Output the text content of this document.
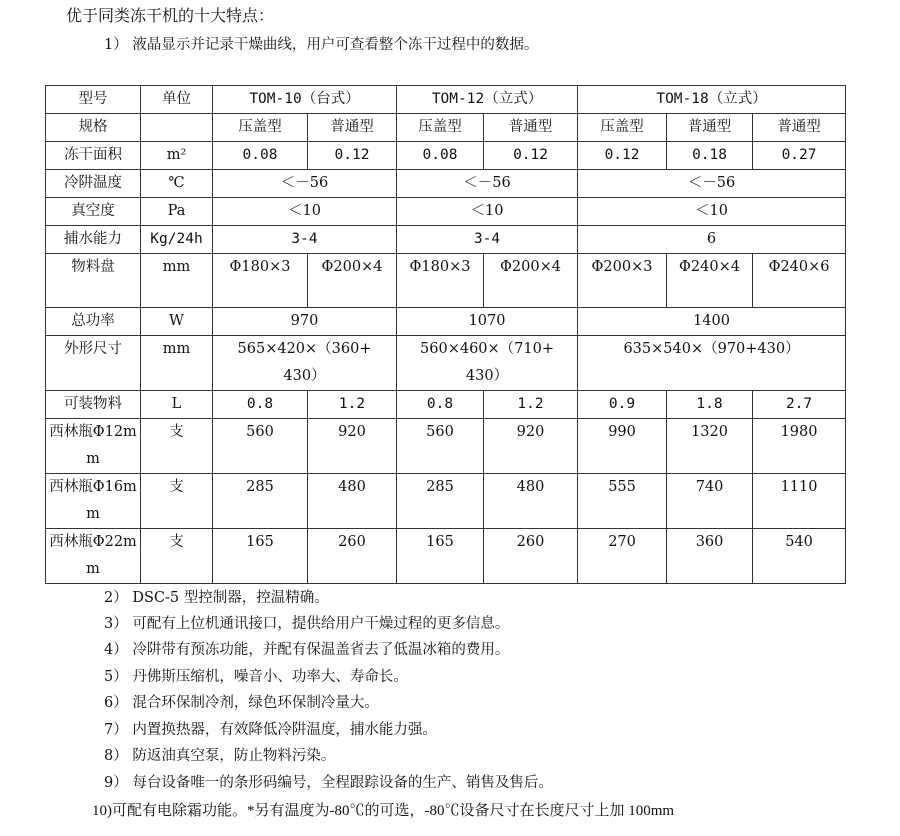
优于同类冻干机的十大特点：
1） 液晶显示并记录干燥曲线，用户可查看整个冻干过程中的数据。
型号	单位	TOM-10（台式）		TOM-12（立式）		TOM-18（立式）		
规格		压盖型	普通型	压盖型	普通型	压盖型	普通型	普通型
冻干面积	m²	0.08	0.12	0.08	0.12	0.12	0.18	0.27
冷阱温度	℃	＜－56		＜－56		＜－56		
真空度	Pa	＜10		＜10		＜10		
捕水能力	Kg/24h	3-4		3-4		6		
物料盘	mm	Φ180×3	Φ200×4	Φ180×3	Φ200×4	Φ200×3	Φ240×4	Φ240×6
总功率	W	970		1070		1400		
外形尺寸	mm	565×420×（360+430）		560×460×（710+430）		635×540×（970+430）		
可装物料	L	0.8	1.2	0.8	1.2	0.9	1.8	2.7
西林瓶Φ12mm	支	560	920	560	920	990	1320	1980
西林瓶Φ16mm	支	285	480	285	480	555	740	1110
西林瓶Φ22mm	支	165	260	165	260	270	360	540
2） DSC-5 型控制器，控温精确。
3） 可配有上位机通讯接口，提供给用户干燥过程的更多信息。
4） 冷阱带有预冻功能，并配有保温盖省去了低温冰箱的费用。
5） 丹佛斯压缩机，噪音小、功率大、寿命长。
6） 混合环保制冷剂，绿色环保制冷量大。
7） 内置换热器，有效降低冷阱温度，捕水能力强。
8） 防返油真空泵，防止物料污染。
9） 每台设备唯一的条形码编号，全程跟踪设备的生产、销售及售后。
10)可配有电除霜功能。*另有温度为-80℃的可选，-80℃设备尺寸在长度尺寸上加 100mm
